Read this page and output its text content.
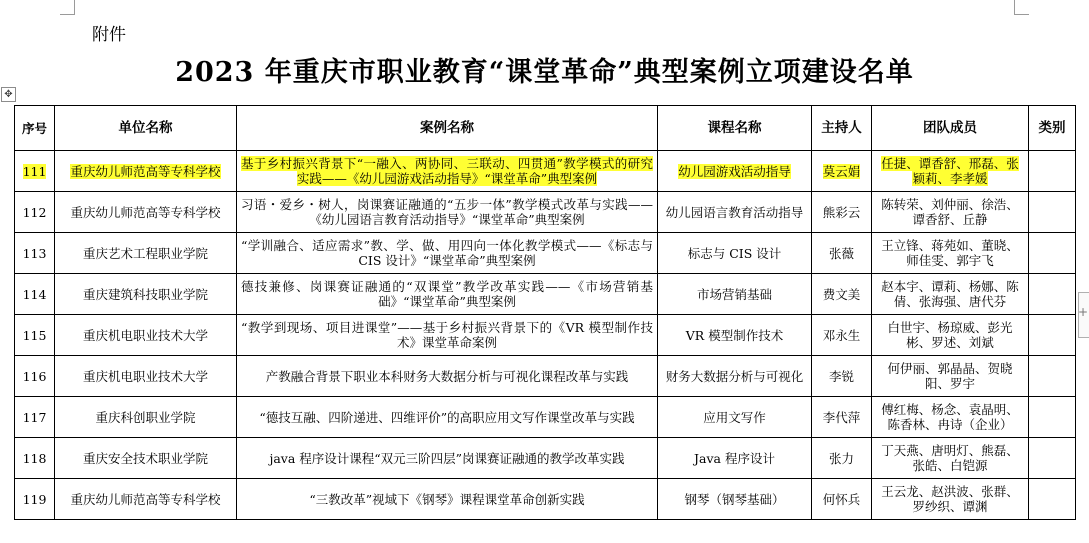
✥
+
附件
2023 年重庆市职业教育“课堂革命”典型案例立项建设名单
序号	单位名称	案例名称	课程名称	主持人	团队成员	类别
111	重庆幼儿师范高等专科学校	基于乡村振兴背景下“一融入、两协同、三联动、四贯通”教学模式的研究实践——《幼儿园游戏活动指导》“课堂革命”典型案例	幼儿园游戏活动指导	莫云娟	任捷、谭香舒、邢磊、张颖莉、李孝媛	
112	重庆幼儿师范高等专科学校	习语・爱乡・树人，岗课赛证融通的“五步一体”教学模式改革与实践——《幼儿园语言教育活动指导》“课堂革命”典型案例	幼儿园语言教育活动指导	熊彩云	陈转荣、刘仲丽、徐浩、谭香舒、丘静	
113	重庆艺术工程职业学院	“学训融合、适应需求”教、学、做、用四向一体化教学模式——《标志与 CIS 设计》“课堂革命”典型案例	标志与 CIS 设计	张薇	王立锋、蒋苑如、董晓、师佳雯、郭宇飞	
114	重庆建筑科技职业学院	德技兼修、岗课赛证融通的“双课堂”教学改革实践——《市场营销基础》“课堂革命”典型案例	市场营销基础	费文美	赵本宇、谭莉、杨娜、陈倩、张海强、唐代芬	
115	重庆机电职业技术大学	“教学到现场、项目进课堂”——基于乡村振兴背景下的《VR 模型制作技术》课堂革命案例	VR 模型制作技术	邓永生	白世宇、杨琼威、彭光彬、罗述、刘斌	
116	重庆机电职业技术大学	产教融合背景下职业本科财务大数据分析与可视化课程改革与实践	财务大数据分析与可视化	李锐	何伊丽、郭晶晶、贺晓阳、罗宇	
117	重庆科创职业学院	“德技互融、四阶递进、四维评价”的高职应用文写作课堂改革与实践	应用文写作	李代萍	傅红梅、杨念、袁晶明、陈香林、冉诗（企业）	
118	重庆安全技术职业学院	java 程序设计课程“双元三阶四层”岗课赛证融通的教学改革实践	Java 程序设计	张力	丁天燕、唐明灯、熊磊、张皓、白铠源	
119	重庆幼儿师范高等专科学校	“三教改革”视域下《钢琴》课程课堂革命创新实践	钢琴（钢琴基础）	何怀兵	王云龙、赵洪波、张群、罗纱织、谭渊	
